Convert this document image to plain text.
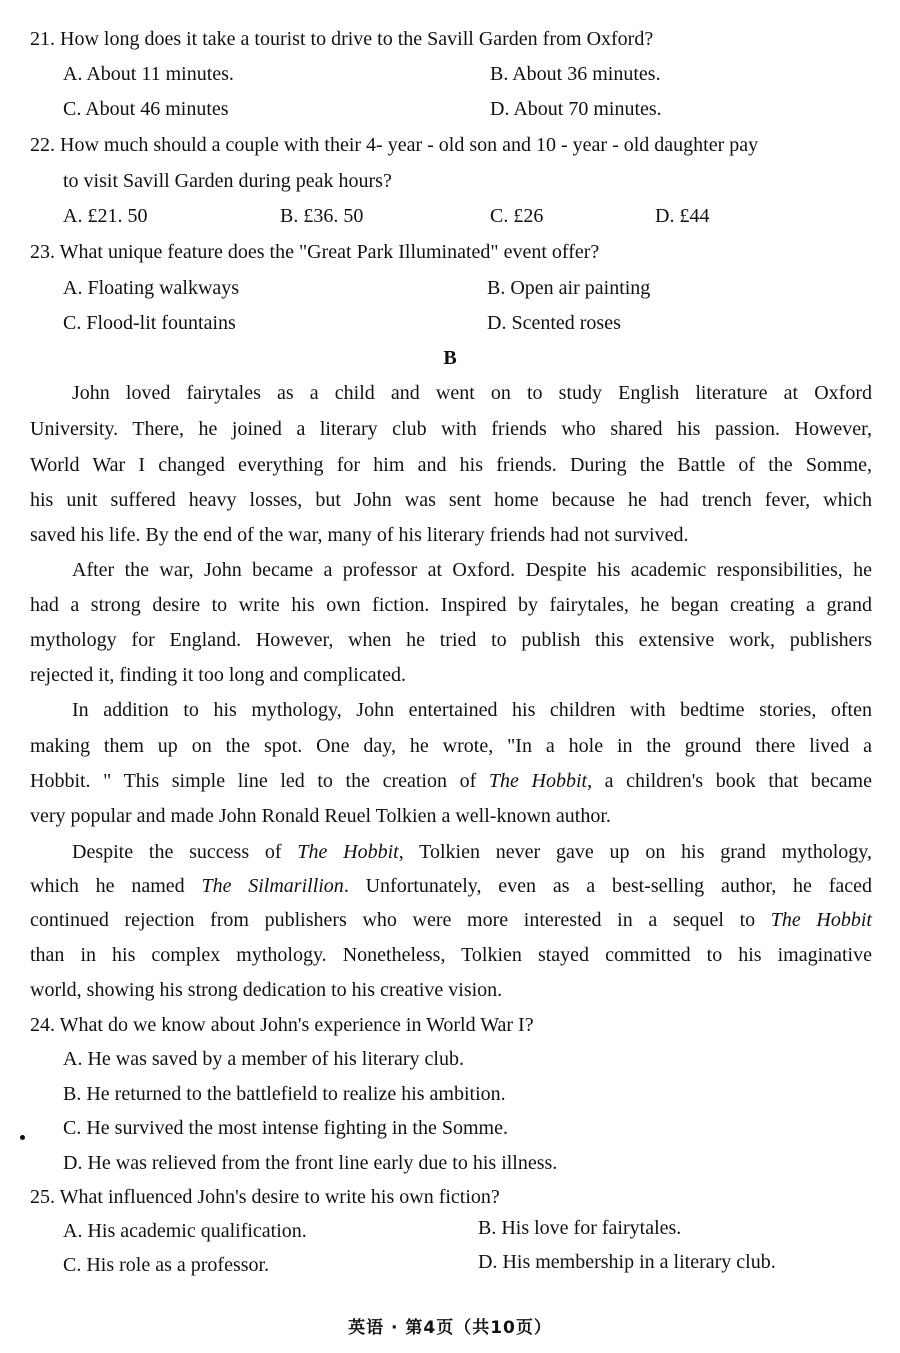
21. How long does it take a tourist to drive to the Savill Garden from Oxford?
A. About 11 minutes.	B. About 36 minutes.
C. About 46 minutes	D. About 70 minutes.
22. How much should a couple with their 4- year - old son and 10 - year - old daughter pay
to visit Savill Garden during peak hours?
A. £21. 50	B. £36. 50	C. £26	D. £44
23. What unique feature does the "Great Park Illuminated" event offer?
A. Floating walkways	B. Open air painting
C. Flood-lit fountains	D. Scented roses
B
John loved fairytales as a child and went on to study English literature at Oxford
University. There, he joined a literary club with friends who shared his passion. However,
World War I changed everything for him and his friends. During the Battle of the Somme,
his unit suffered heavy losses, but John was sent home because he had trench fever, which
saved his life. By the end of the war, many of his literary friends had not survived.
After the war, John became a professor at Oxford. Despite his academic responsibilities, he
had a strong desire to write his own fiction. Inspired by fairytales, he began creating a grand
mythology for England. However, when he tried to publish this extensive work, publishers
rejected it, finding it too long and complicated.
In addition to his mythology, John entertained his children with bedtime stories, often
making them up on the spot. One day, he wrote, "In a hole in the ground there lived a
Hobbit. " This simple line led to the creation of The Hobbit, a children's book that became
very popular and made John Ronald Reuel Tolkien a well-known author.
Despite the success of The Hobbit, Tolkien never gave up on his grand mythology,
which he named The Silmarillion. Unfortunately, even as a best-selling author, he faced
continued rejection from publishers who were more interested in a sequel to The Hobbit
than in his complex mythology. Nonetheless, Tolkien stayed committed to his imaginative
world, showing his strong dedication to his creative vision.
24. What do we know about John's experience in World War I?
A. He was saved by a member of his literary club.
B. He returned to the battlefield to realize his ambition.
C. He survived the most intense fighting in the Somme.
D. He was relieved from the front line early due to his illness.
25. What influenced John's desire to write his own fiction?
A. His academic qualification.	B. His love for fairytales.
C. His role as a professor.	D. His membership in a literary club.
英语 · 第4页（共10页）
